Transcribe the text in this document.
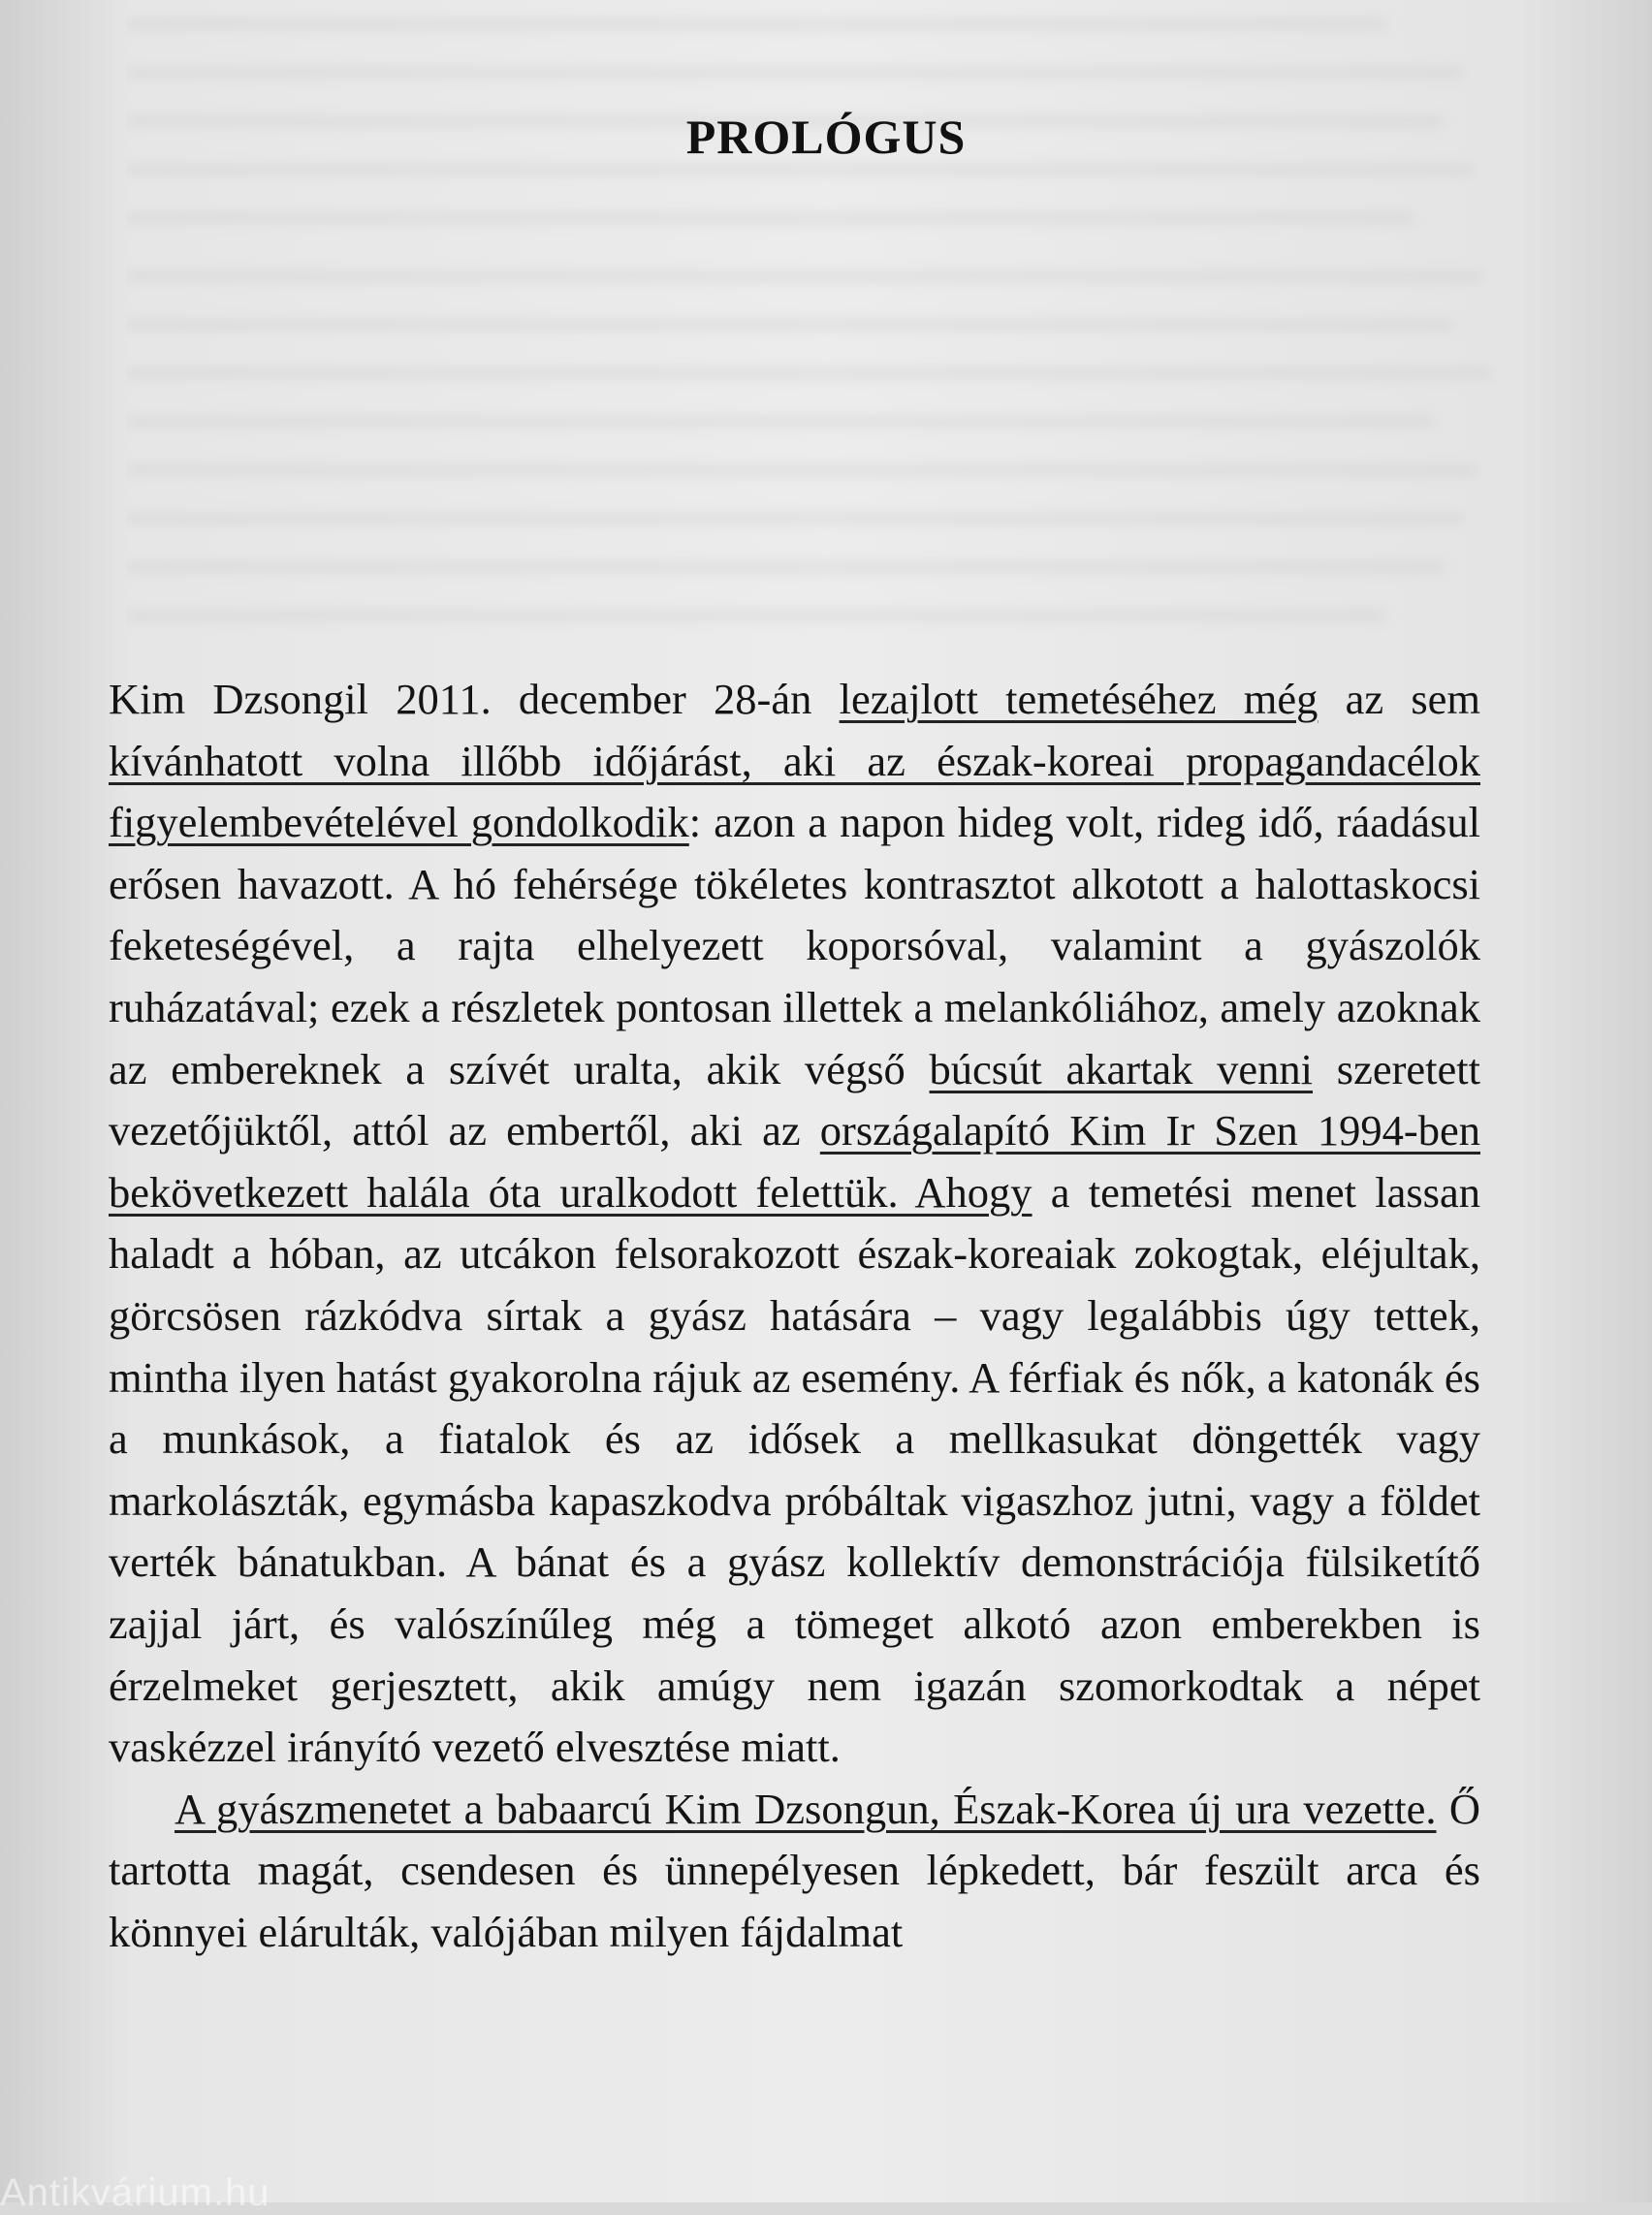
PROLÓGUS

Kim Dzsongil 2011. december 28-án lezajlott temetéséhez még az sem kívánhatott volna illőbb időjárást, aki az észak-koreai propagandacélok figyelembevételével gondolkodik: azon a napon hideg volt, rideg idő, ráadásul erősen havazott. A hó fehérsége tökéletes kontrasztot alkotott a halottaskocsi feketeségével, a rajta elhelyezett koporsóval, valamint a gyászolók ruházatával; ezek a részletek pontosan illettek a melankóliához, amely azoknak az embereknek a szívét uralta, akik végső búcsút akartak venni szeretett vezetőjüktől, attól az embertől, aki az országalapító Kim Ir Szen 1994-ben bekövetkezett halála óta uralkodott felettük. Ahogy a temetési menet lassan haladt a hóban, az utcákon felsorakozott észak-koreaiak zokogtak, eléjultak, görcsösen rázkódva sírtak a gyász hatására – vagy legalábbis úgy tettek, mintha ilyen hatást gyakorolna rájuk az esemény. A férfiak és nők, a katonák és a munkások, a fiatalok és az idősek a mellkasukat döngették vagy markolászták, egymásba kapaszkodva próbáltak vigaszhoz jutni, vagy a földet verték bánatukban. A bánat és a gyász kollektív demonstrációja fülsiketítő zajjal járt, és valószínűleg még a tömeget alkotó azon emberekben is érzelmeket gerjesztett, akik amúgy nem igazán szomorkodtak a népet vaskézzel irányító vezető elvesztése miatt.

A gyászmenetet a babaarcú Kim Dzsongun, Észak-Korea új ura vezette. Ő tartotta magát, csendesen és ünnepélyesen lépkedett, bár feszült arca és könnyei elárulták, valójában milyen fájdalmat

Antikvárium.hu
